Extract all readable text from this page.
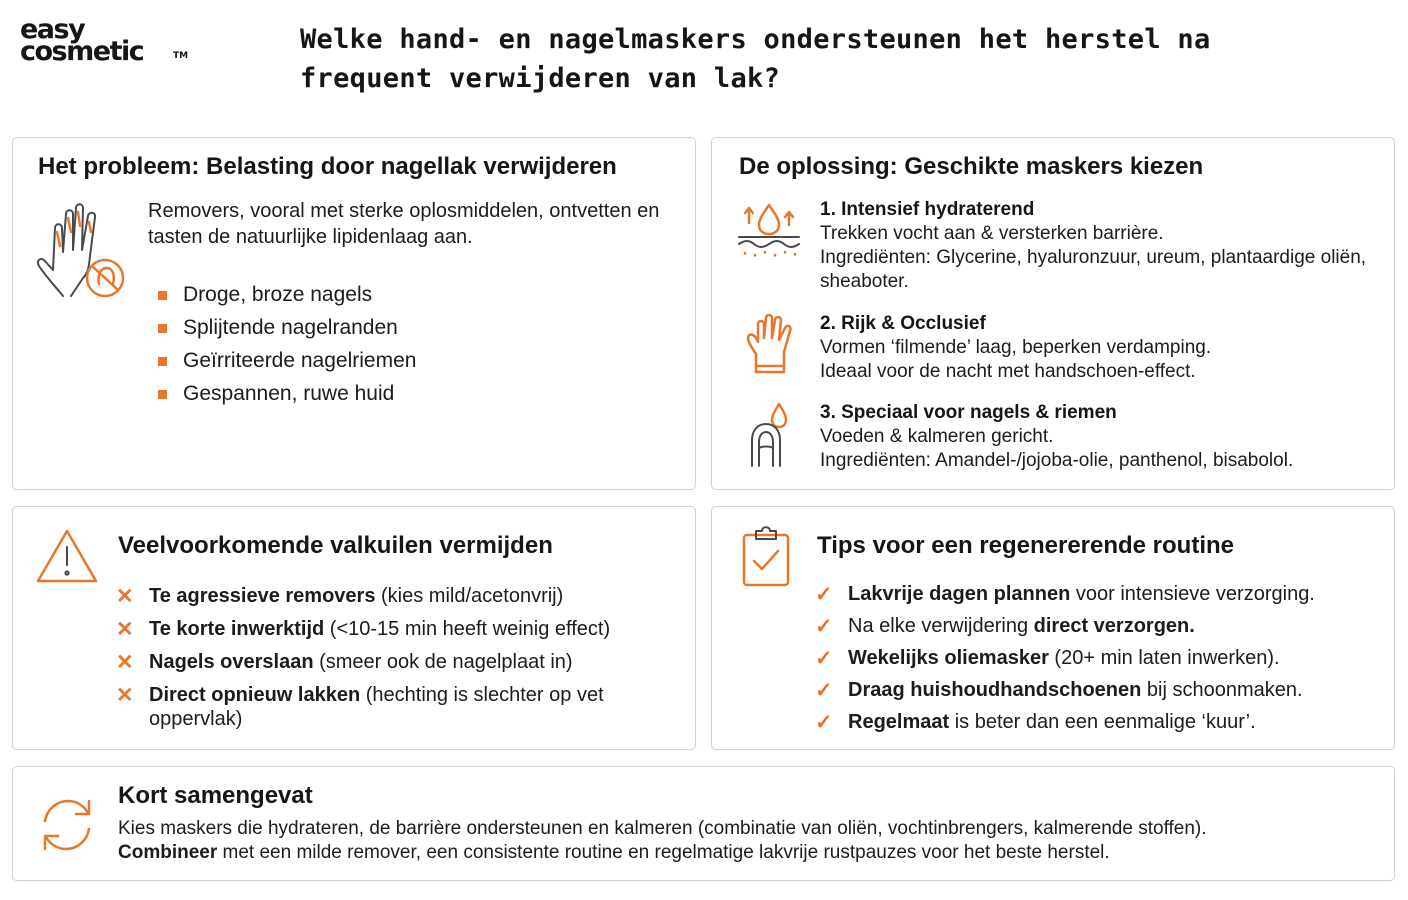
easy
cosmetic	TM
Welke hand- en nagelmaskers ondersteunen het herstel na frequent verwijderen van lak?
Het probleem: Belasting door nagellak verwijderen
Removers, vooral met sterke oplosmiddelen, ontvetten en tasten de natuurlijke lipidenlaag aan.
Droge, broze nagels
Splijtende nagelranden
Geïrriteerde nagelriemen
Gespannen, ruwe huid
De oplossing: Geschikte maskers kiezen
1. Intensief hydraterend
Trekken vocht aan & versterken barrière.
Ingrediënten: Glycerine, hyaluronzuur, ureum, plantaardige oliën, sheaboter.
2. Rijk & Occlusief
Vormen ‘filmende’ laag, beperken verdamping.
Ideaal voor de nacht met handschoen-effect.
3. Speciaal voor nagels & riemen
Voeden & kalmeren gericht.
Ingrediënten: Amandel-/jojoba-olie, panthenol, bisabolol.
Veelvoorkomende valkuilen vermijden
✕ Te agressieve removers (kies mild/acetonvrij)
✕ Te korte inwerktijd (<10-15 min heeft weinig effect)
✕ Nagels overslaan (smeer ook de nagelplaat in)
✕ Direct opnieuw lakken (hechting is slechter op vet oppervlak)
Tips voor een regenererende routine
✓ Lakvrije dagen plannen voor intensieve verzorging.
✓ Na elke verwijdering direct verzorgen.
✓ Wekelijks oliemasker (20+ min laten inwerken).
✓ Draag huishoudhandschoenen bij schoonmaken.
✓ Regelmaat is beter dan een eenmalige ‘kuur’.
Kort samengevat
Kies maskers die hydrateren, de barrière ondersteunen en kalmeren (combinatie van oliën, vochtinbrengers, kalmerende stoffen).
Combineer met een milde remover, een consistente routine en regelmatige lakvrije rustpauzes voor het beste herstel.
